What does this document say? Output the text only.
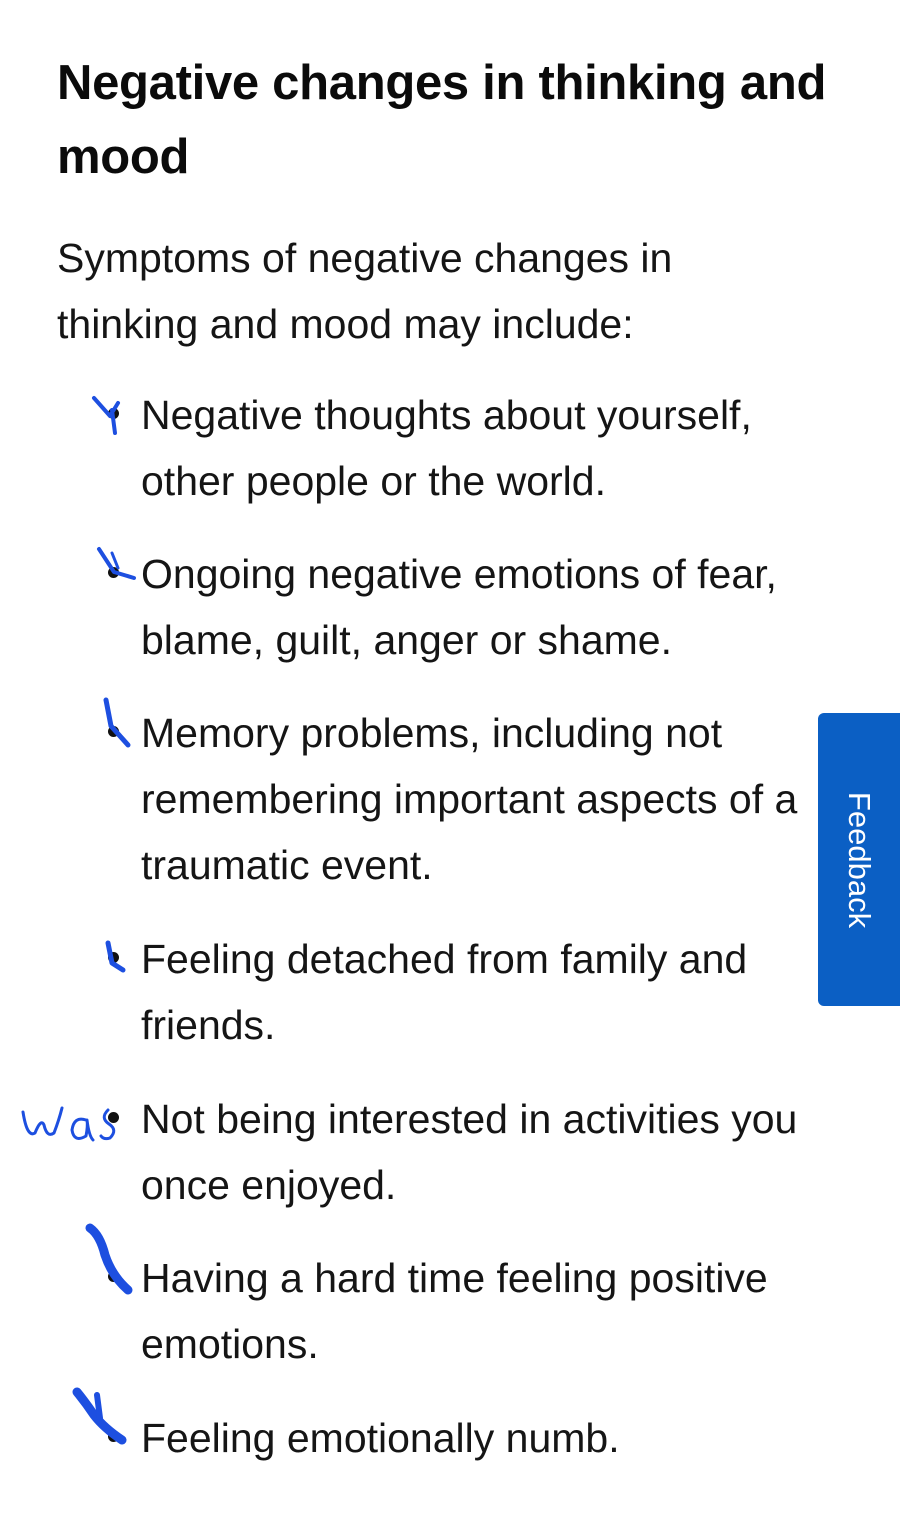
Negative changes in thinking and mood

Symptoms of negative changes in thinking and mood may include:

Negative thoughts about yourself, other people or the world.
Ongoing negative emotions of fear, blame, guilt, anger or shame.
Memory problems, including not remembering important aspects of a traumatic event.
Feeling detached from family and friends.
Not being interested in activities you once enjoyed.
Having a hard time feeling positive emotions.
Feeling emotionally numb.
Feedback
